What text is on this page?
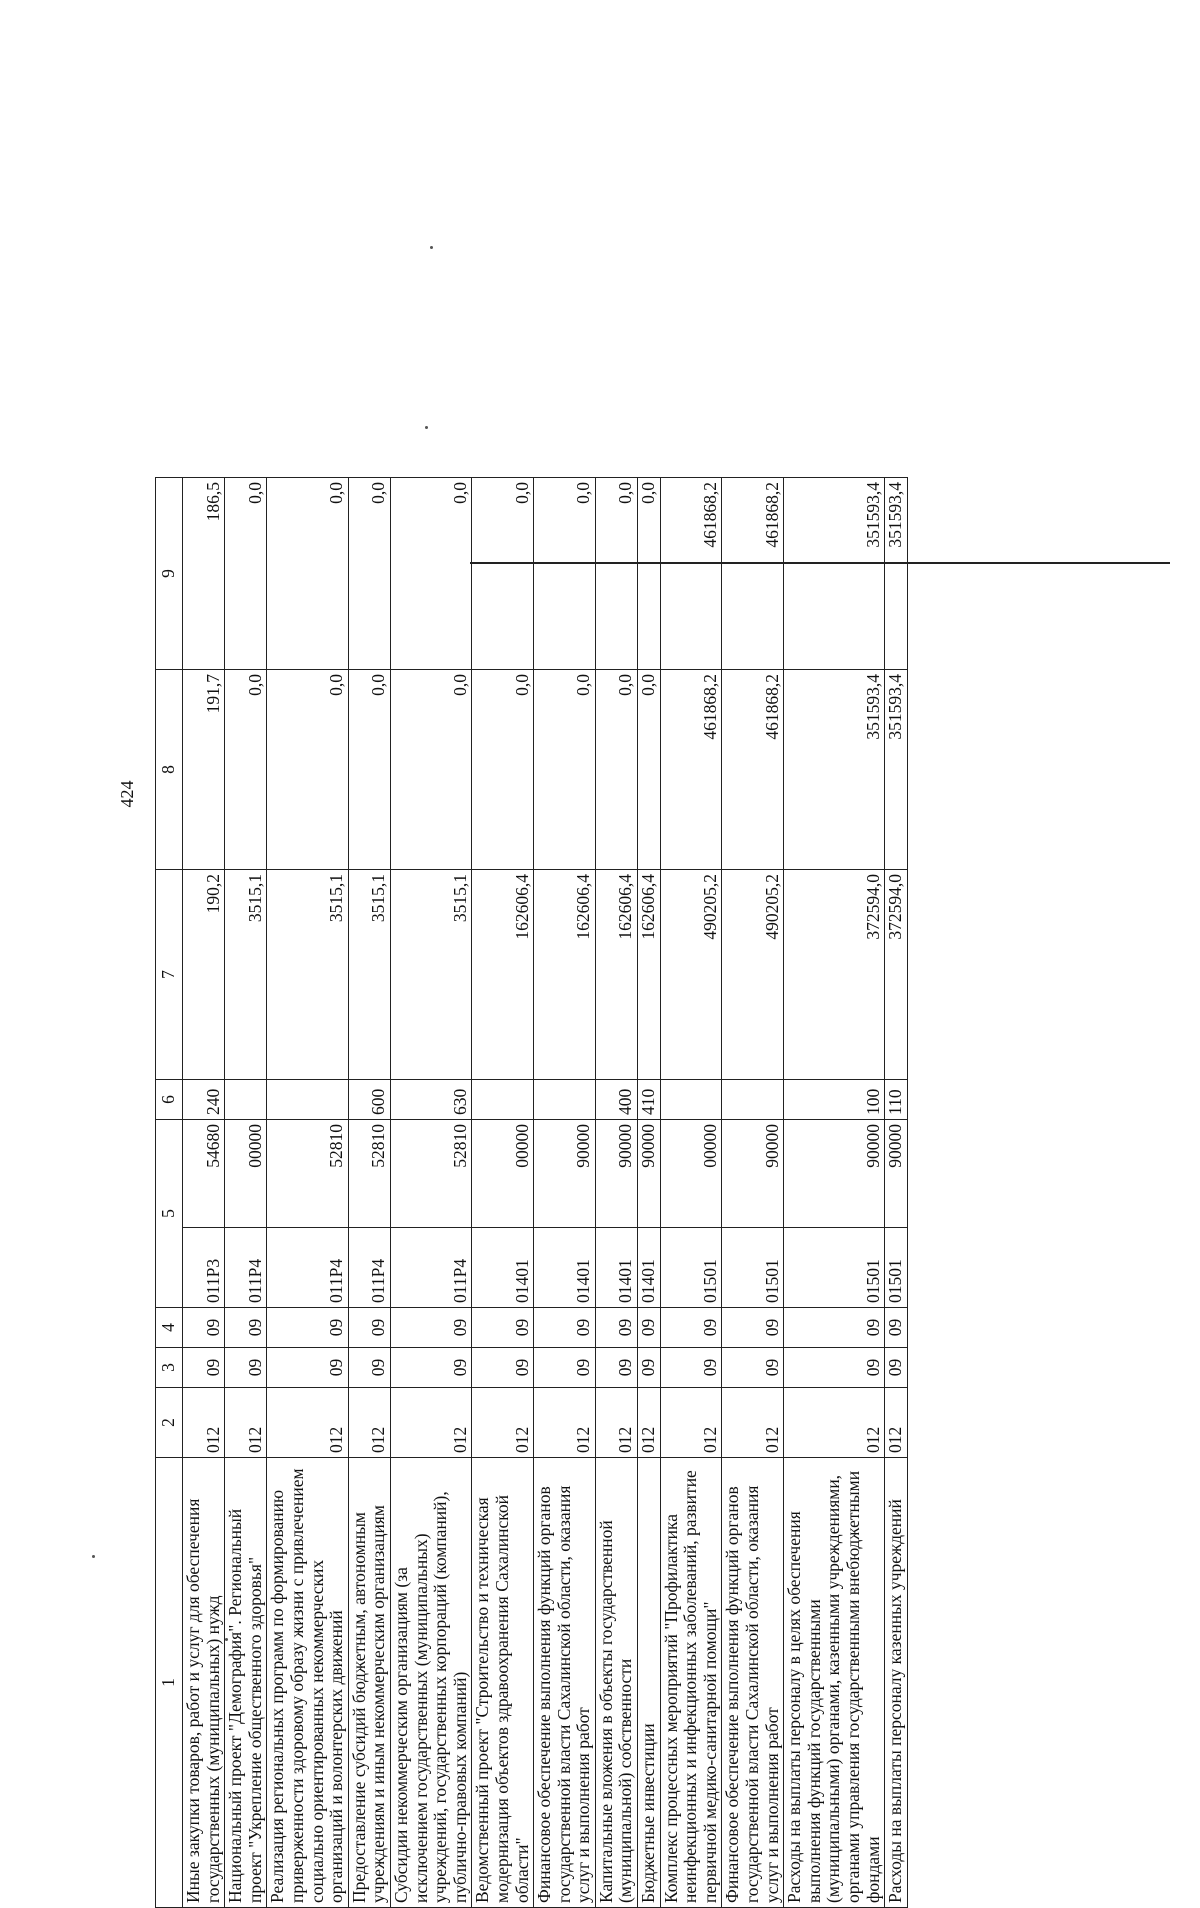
424
1	2	3	4	5		6	7	8	9
Иные закупки товаров, работ и услуг для обеспечения государственных (муниципальных) нужд	012	09	09	011Р3	54680	240	190,2	191,7	186,5
Национальный проект "Демография". Региональный проект "Укрепление общественного здоровья"	012	09	09	011Р4	00000		3515,1	0,0	0,0
Реализация региональных программ по формированию приверженности здоровому образу жизни с привлечением социально ориентированных некоммерческих организаций и волонтерских движений	012	09	09	011Р4	52810		3515,1	0,0	0,0
Предоставление субсидий бюджетным, автономным учреждениям и иным некоммерческим организациям	012	09	09	011Р4	52810	600	3515,1	0,0	0,0
Субсидии некоммерческим организациям (за исключением государственных (муниципальных) учреждений, государственных корпораций (компаний), публично-правовых компаний)	012	09	09	011Р4	52810	630	3515,1	0,0	0,0
Ведомственный проект "Строительство и техническая модернизация объектов здравоохранения Сахалинской области"	012	09	09	01401	00000		162606,4	0,0	0,0
Финансовое обеспечение выполнения функций органов государственной власти Сахалинской области, оказания услуг и выполнения работ	012	09	09	01401	90000		162606,4	0,0	0,0
Капитальные вложения в объекты государственной (муниципальной) собственности	012	09	09	01401	90000	400	162606,4	0,0	0,0
Бюджетные инвестиции	012	09	09	01401	90000	410	162606,4	0,0	0,0
Комплекс процессных мероприятий "Профилактика неинфекционных и инфекционных заболеваний, развитие первичной медико-санитарной помощи"	012	09	09	01501	00000		490205,2	461868,2	461868,2
Финансовое обеспечение выполнения функций органов государственной власти Сахалинской области, оказания услуг и выполнения работ	012	09	09	01501	90000		490205,2	461868,2	461868,2
Расходы на выплаты персоналу в целях обеспечения выполнения функций государственными (муниципальными) органами, казенными учреждениями, органами управления государственными внебюджетными фондами	012	09	09	01501	90000	100	372594,0	351593,4	351593,4
Расходы на выплаты персоналу казенных учреждений	012	09	09	01501	90000	110	372594,0	351593,4	351593,4
